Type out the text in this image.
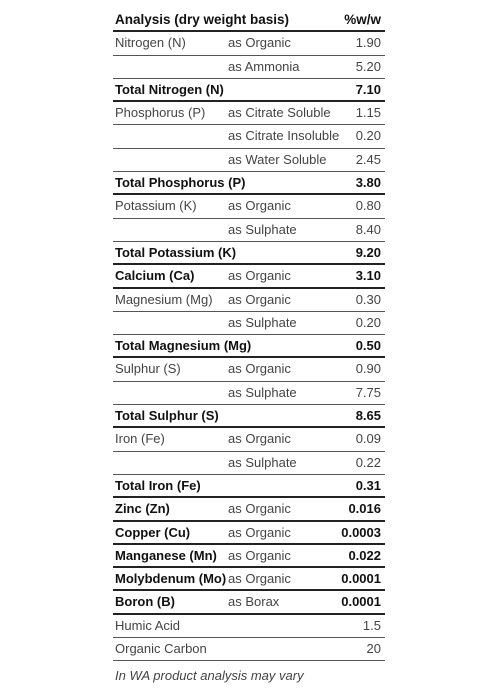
Analysis (dry weight basis)	%w/w
Nitrogen (N)	as Organic	1.90
as Ammonia	5.20
Total Nitrogen (N)	7.10
Phosphorus (P) as Citrate Soluble 1.15
as Citrate Insoluble 0.20
as Water Soluble 2.45
Total Phosphorus (P)	3.80
Potassium (K) as Organic	0.80
as Sulphate	8.40
Total Potassium (K)	9.20
Calcium (Ca)	as Organic	3.10
Magnesium (Mg) as Organic	0.30
as Sulphate	0.20
Total Magnesium (Mg)	0.50
Sulphur (S)	as Organic	0.90
as Sulphate	7.75
Total Sulphur (S)	8.65
Iron (Fe)	as Organic	0.09
as Sulphate	0.22
Total Iron (Fe)	0.31
Zinc (Zn)	as Organic	0.016
Copper (Cu)	as Organic	0.0003
Manganese (Mn) as Organic	0.022
Molybdenum (Mo) as Organic	0.0001
Boron (B)	as Borax	0.0001
Humic Acid	1.5
Organic Carbon	20
In WA product analysis may vary
